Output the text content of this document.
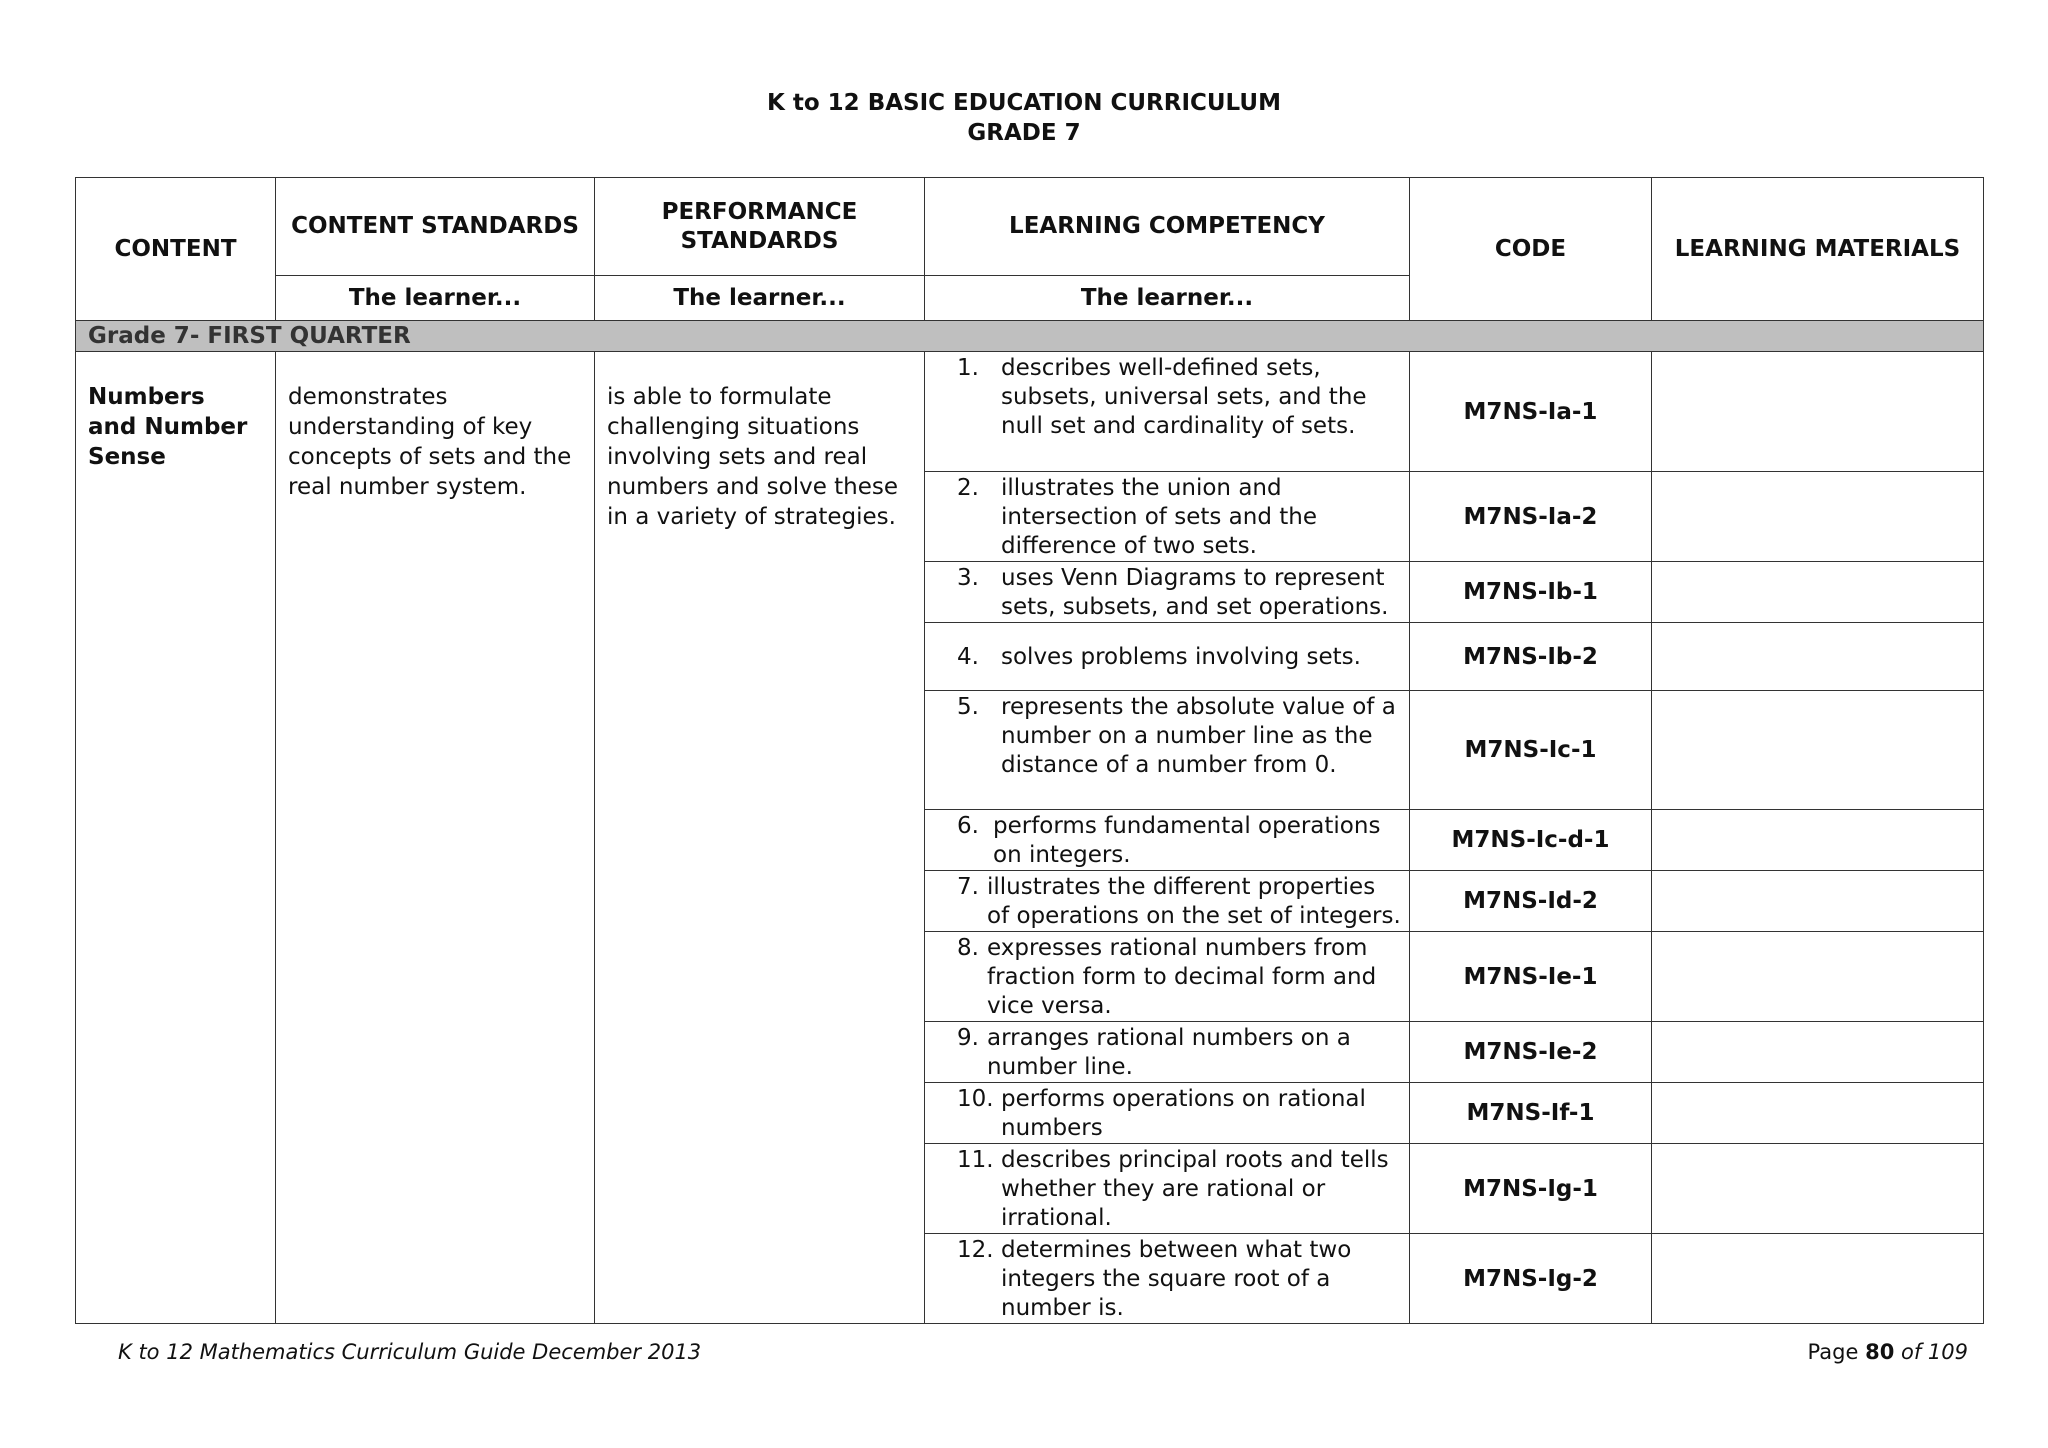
K to 12 BASIC EDUCATION CURRICULUM
GRADE 7
CONTENT	CONTENT STANDARDS	PERFORMANCE STANDARDS	LEARNING COMPETENCY	CODE	LEARNING MATERIALS
	The learner...	The learner...	The learner...		
Grade 7- FIRST QUARTER					
Numbers and Number Sense	demonstrates understanding of key concepts of sets and the real number system.	is able to formulate challenging situations involving sets and real numbers and solve these in a variety of strategies.	1. describes well-defined sets, subsets, universal sets, and the null set and cardinality of sets.	M7NS-Ia-1	

			2. illustrates the union and intersection of sets and the difference of two sets.	M7NS-Ia-2	

			3. uses Venn Diagrams to represent sets, subsets, and set operations.	M7NS-Ib-1	

			4. solves problems involving sets.	M7NS-Ib-2	

			5. represents the absolute value of a number on a number line as the distance of a number from 0.	M7NS-Ic-1	

			6. performs fundamental operations on integers.	M7NS-Ic-d-1	

			7. illustrates the different properties of operations on the set of integers.	M7NS-Id-2	

			8. expresses rational numbers from fraction form to decimal form and vice versa.	M7NS-Ie-1	

			9. arranges rational numbers on a number line.	M7NS-Ie-2	

			10. performs operations on rational numbers	M7NS-If-1	

			11. describes principal roots and tells whether they are rational or irrational.	M7NS-Ig-1	

			12. determines between what two integers the square root of a number is.	M7NS-Ig-2	
K to 12 Mathematics Curriculum Guide December 2013	Page 80 of 109
